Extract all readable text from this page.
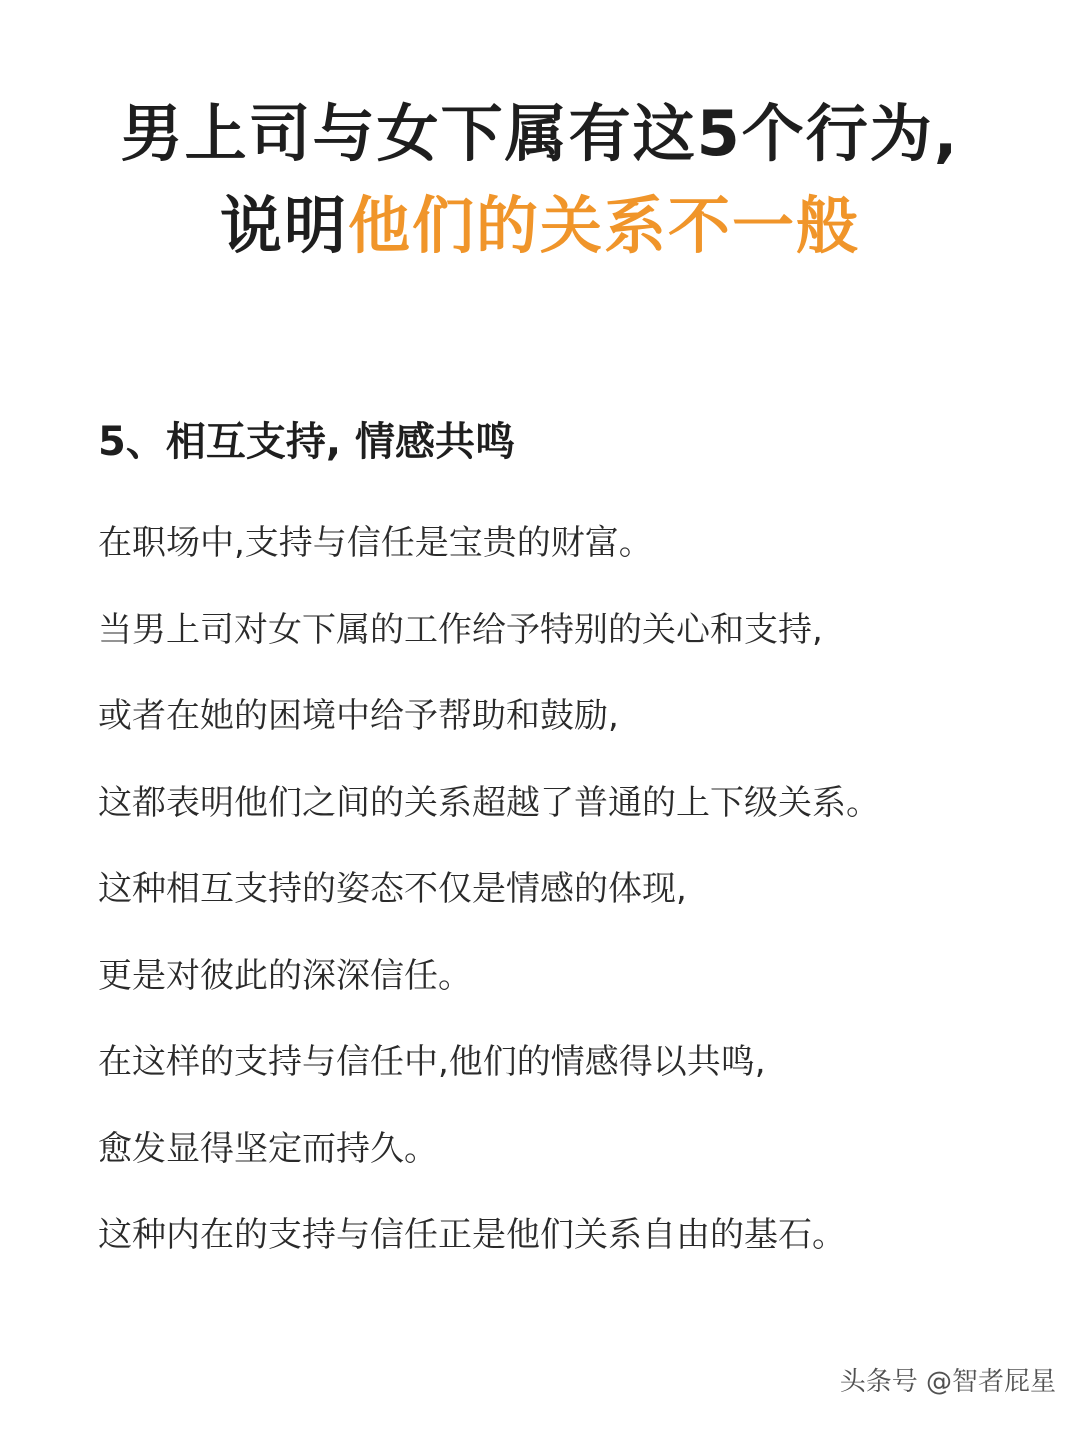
男上司与女下属有这5个行为,
说明他们的关系不一般
5、相互支持, 情感共鸣
在职场中,支持与信任是宝贵的财富。
当男上司对女下属的工作给予特别的关心和支持,
或者在她的困境中给予帮助和鼓励,
这都表明他们之间的关系超越了普通的上下级关系。
这种相互支持的姿态不仅是情感的体现,
更是对彼此的深深信任。
在这样的支持与信任中,他们的情感得以共鸣,
愈发显得坚定而持久。
这种内在的支持与信任正是他们关系自由的基石。
头条号 @智者屁星
